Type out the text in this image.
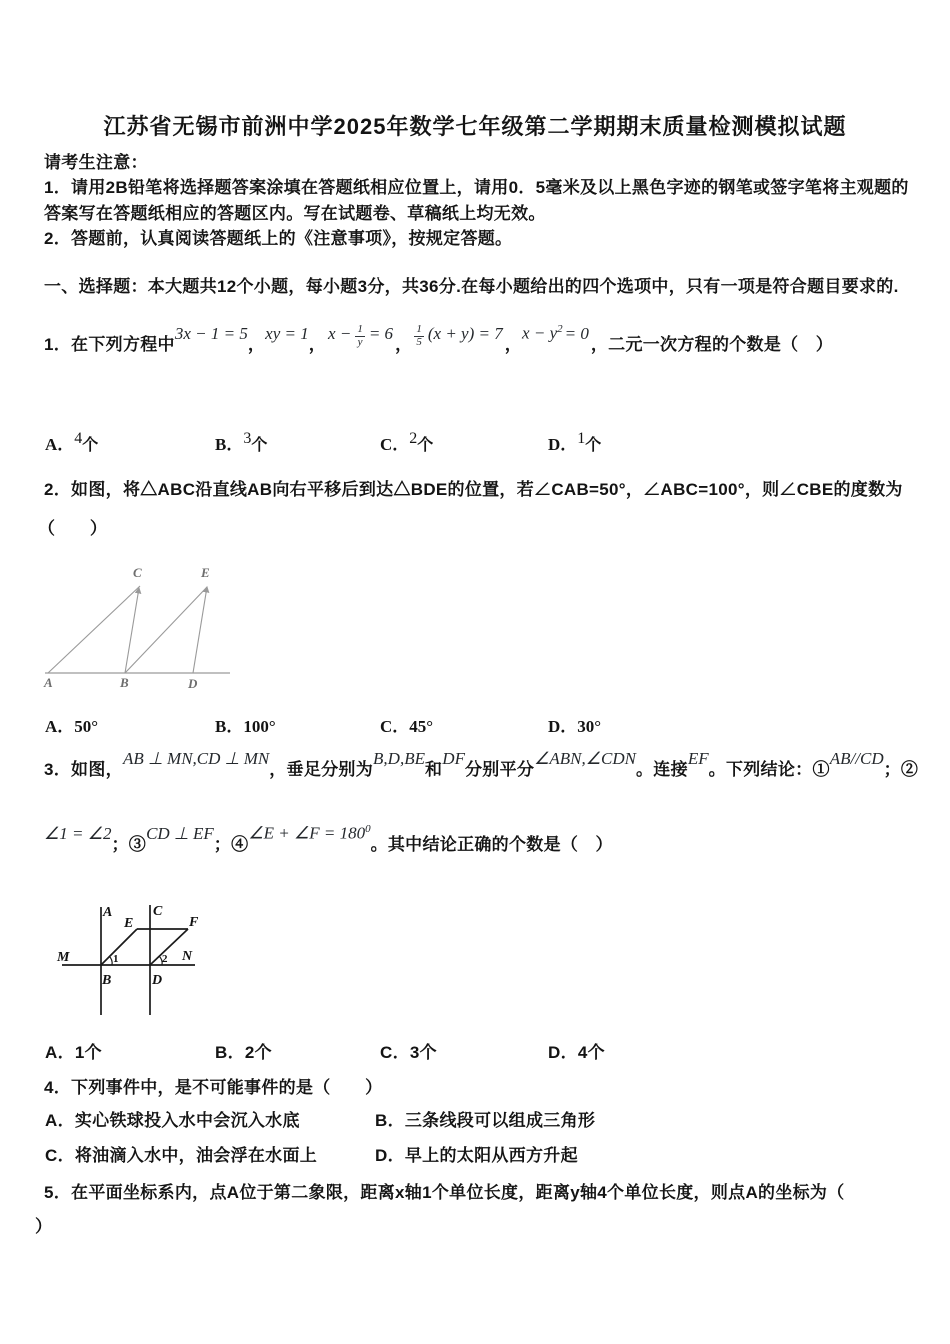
江苏省无锡市前洲中学2025年数学七年级第二学期期末质量检测模拟试题
请考生注意：
1．请用2B铅笔将选择题答案涂填在答题纸相应位置上，请用0．5毫米及以上黑色字迹的钢笔或签字笔将主观题的
答案写在答题纸相应的答题区内。写在试题卷、草稿纸上均无效。
2．答题前，认真阅读答题纸上的《注意事项》，按规定答题。
一、选择题：本大题共12个小题，每小题3分，共36分.在每小题给出的四个选项中，只有一项是符合题目要求的.
1．在下列方程中
3x − 1 = 5
，
xy = 1
，
$x - \frac{1}{y} = 6$
， $\frac{1}{5} (x + y) = 7$
，
$x - y^2 = 0$
，二元一次方程的个数是（　）
A．4个	B．3个	C．2个	D．1个
2．如图，将△ABC沿直线AB向右平移后到达△BDE的位置，若∠CAB=50°，∠ABC=100°，则∠CBE的度数为
（　　）
A	B	D
C	E
A．50°	B．100°	C．45°	D．30°
3．如图，
AB ⊥ MN,CD ⊥ MN
，垂足分别为
B,D,BE
和
DF
分别平分
∠ABN,∠CDN
。连接
EF
。下列结论：①
AB//CD
；②
∠1 = ∠2
；③
CD ⊥ EF
；④
∠E + ∠F = $180^0$
。其中结论正确的个数是（　）
A	C
M	N
B	D
E	F
1	2
A．1个	B．2个	C．3个	D．4个
4．下列事件中，是不可能事件的是（　　）
A．实心铁球投入水中会沉入水底	B．三条线段可以组成三角形
C．将油滴入水中，油会浮在水面上	D．早上的太阳从西方升起
5．在平面坐标系内，点A位于第二象限，距离x轴1个单位长度，距离y轴4个单位长度，则点A的坐标为（
）
